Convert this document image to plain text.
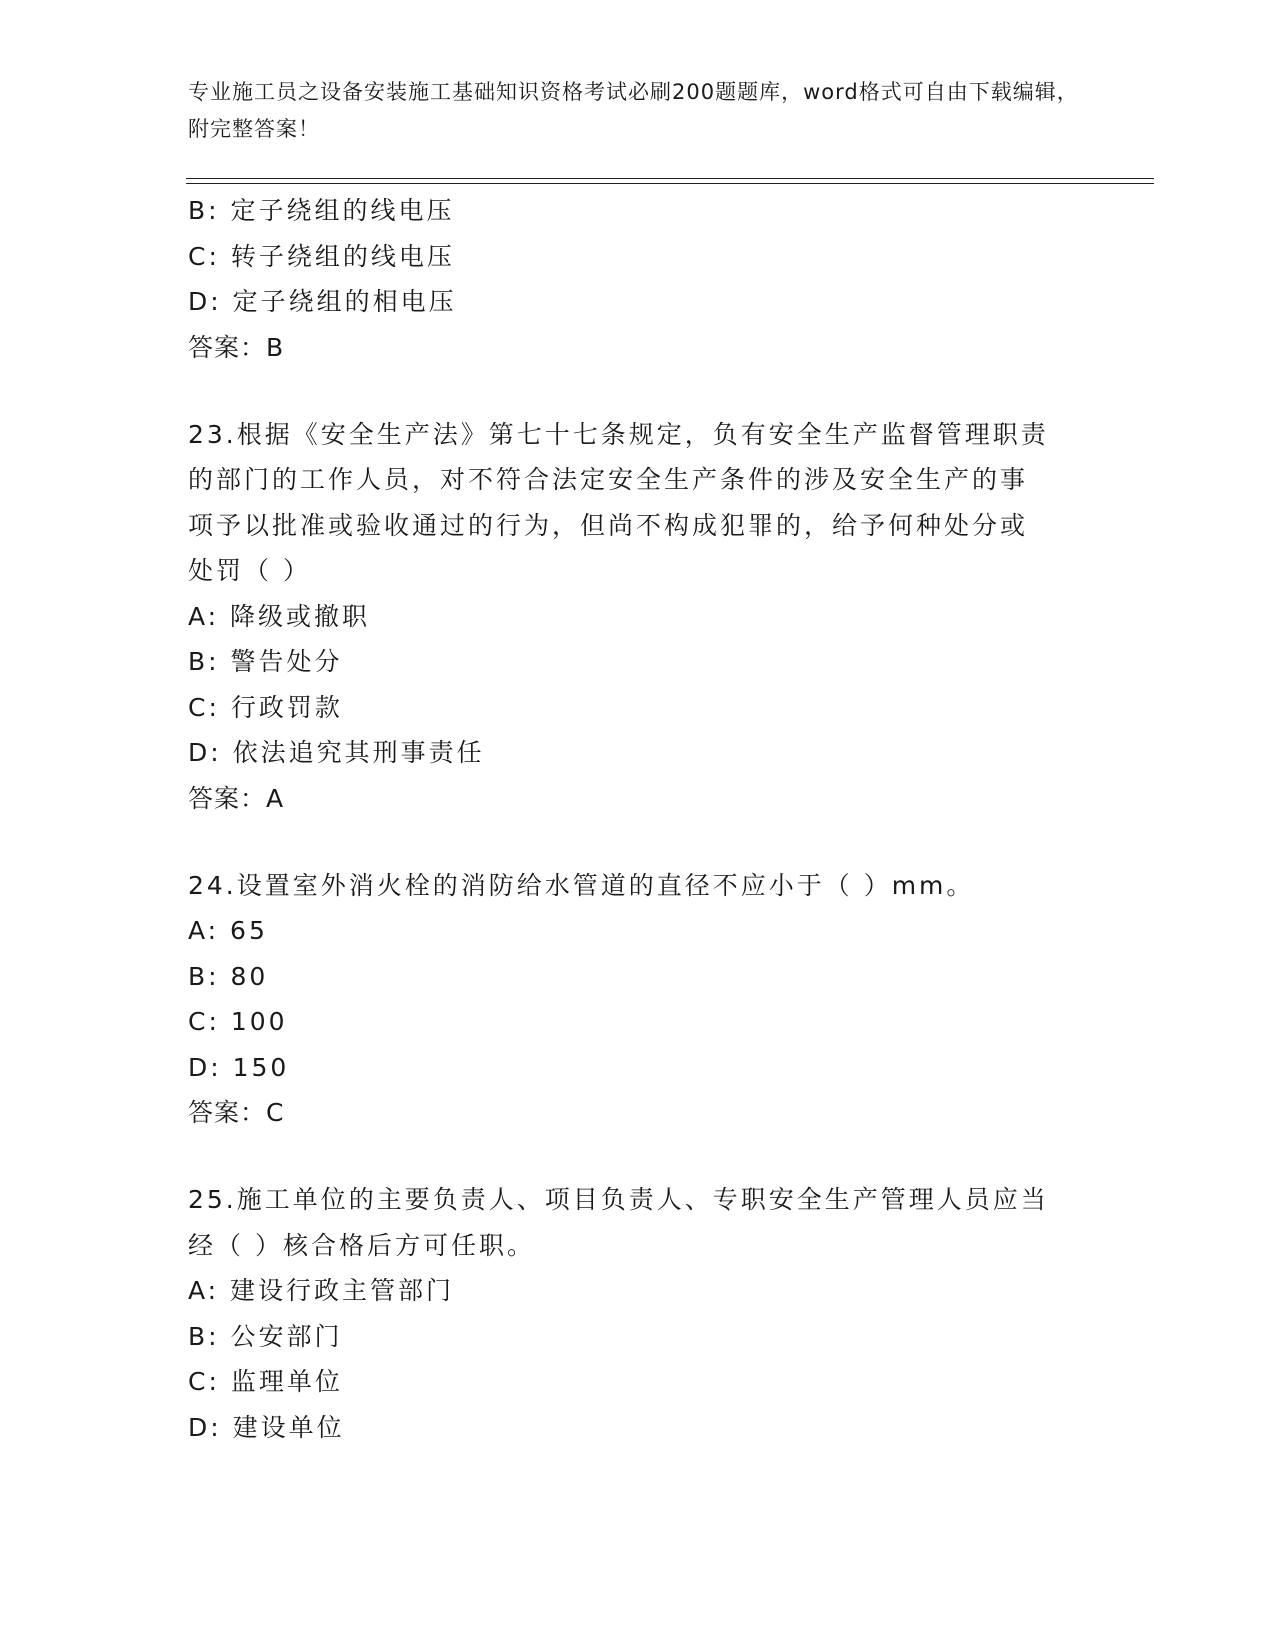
专业施工员之设备安装施工基础知识资格考试必刷200题题库，word格式可自由下载编辑，附完整答案！
B: 定子绕组的线电压
C: 转子绕组的线电压
D: 定子绕组的相电压
答案：B
23.根据《安全生产法》第七十七条规定，负有安全生产监督管理职责
的部门的工作人员，对不符合法定安全生产条件的涉及安全生产的事
项予以批准或验收通过的行为，但尚不构成犯罪的，给予何种处分或
处罚（ ）
A: 降级或撤职
B: 警告处分
C: 行政罚款
D: 依法追究其刑事责任
答案：A
24.设置室外消火栓的消防给水管道的直径不应小于（ ）mm。
A: 65
B: 80
C: 100
D: 150
答案：C
25.施工单位的主要负责人、项目负责人、专职安全生产管理人员应当
经（ ）核合格后方可任职。
A: 建设行政主管部门
B: 公安部门
C: 监理单位
D: 建设单位
